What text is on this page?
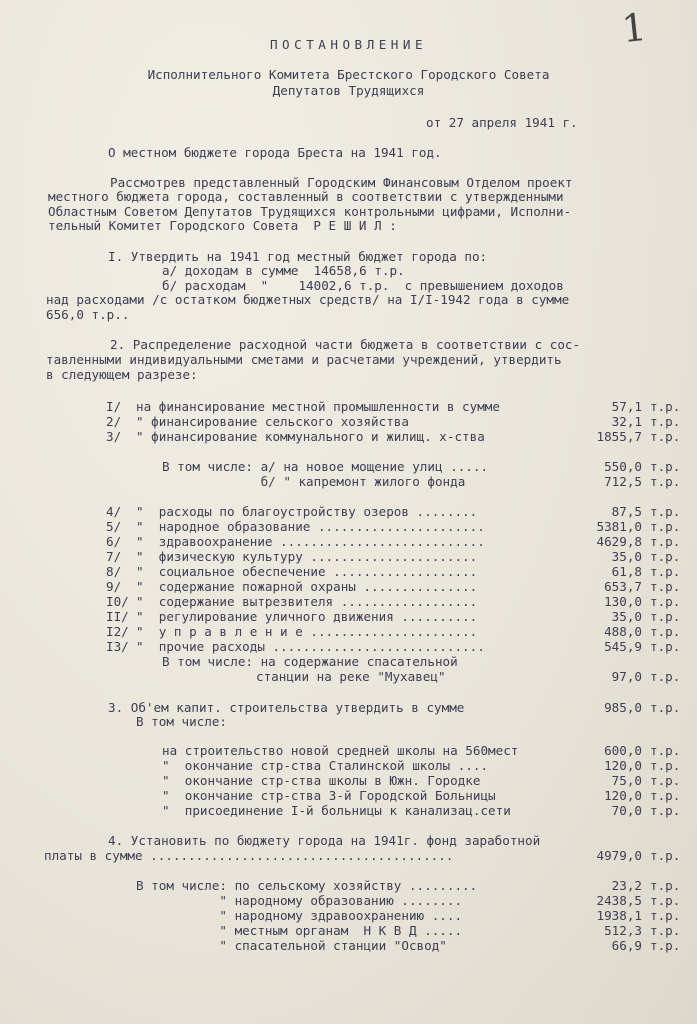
1
ПОСТАНОВЛЕНИЕ
Исполнительного Комитета Брестского Городского Совета
Депутатов Трудящихся
от 27 апреля 1941 г.
О местном бюджете города Бреста на 1941 год.
Рассмотрев представленный Городским Финансовым Отделом проект
местного бюджета города, составленный в соответствии с утвержденными
Областным Советом Депутатов Трудящихся контрольными цифрами, Исполни-
тельный Комитет Городского Совета  Р Е Ш И Л :
I. Утвердить на 1941 год местный бюджет города по:
а/ доходам в сумме  14658,6 т.р.
б/ расходам  "    14002,6 т.р.  с превышением доходов
над расходами /с остатком бюджетных средств/ на I/I-1942 года в сумме
656,0 т.р..
2. Распределение расходной части бюджета в соответствии с сос-
тавленными индивидуальными сметами и расчетами учреждений, утвердить
в следующем разрезе:
I/ на финансирование местной промышленности в сумме	57,1 т.р.
2/ " финансирование сельского хозяйства	32,1 т.р.
3/ " финансирование коммунального и жилищ. х-ства	1855,7 т.р.
В том числе: а/ на новое мощение улиц .....	550,0 т.р.
б/ " капремонт жилого фонда	712,5 т.р.
4/ "  расходы по благоустройству озеров ........	87,5 т.р.
5/ "  народное образование ......................	5381,0 т.р.
6/ "  здравоохранение ...........................	4629,8 т.р.
7/ "  физическую культуру ......................	35,0 т.р.
8/ "  социальное обеспечение ...................	61,8 т.р.
9/ "  содержание пожарной охраны ...............	653,7 т.р.
I0/ "  содержание вытрезвителя ..................	130,0 т.р.
II/ "  регулирование уличного движения ..........	35,0 т.р.
I2/ "  у п р а в л е н и е ......................	488,0 т.р.
I3/ "  прочие расходы ............................	545,9 т.р.
В том числе: на содержание спасательной
станции на реке "Мухавец"	97,0 т.р.
3. Об'ем капит. строительства утвердить в сумме	985,0 т.р.
В том числе:
на строительство новой средней школы на 560мест	600,0 т.р.
"  окончание стр-ства Сталинской школы ....	120,0 т.р.
"  окончание стр-ства школы в Южн. Городке	75,0 т.р.
"  окончание стр-ства 3-й Городской Больницы	120,0 т.р.
"  присоединение I-й больницы к канализац.сети	70,0 т.р.
4. Установить по бюджету города на 1941г. фонд заработной
платы в сумме ........................................	4979,0 т.р.
В том числе: по сельскому хозяйству .........	23,2 т.р.
" народному образованию ........	2438,5 т.р.
" народному здравоохранению ....	1938,1 т.р.
" местным органам  Н К В Д .....	512,3 т.р.
" спасательной станции "Освод"	66,9 т.р.
